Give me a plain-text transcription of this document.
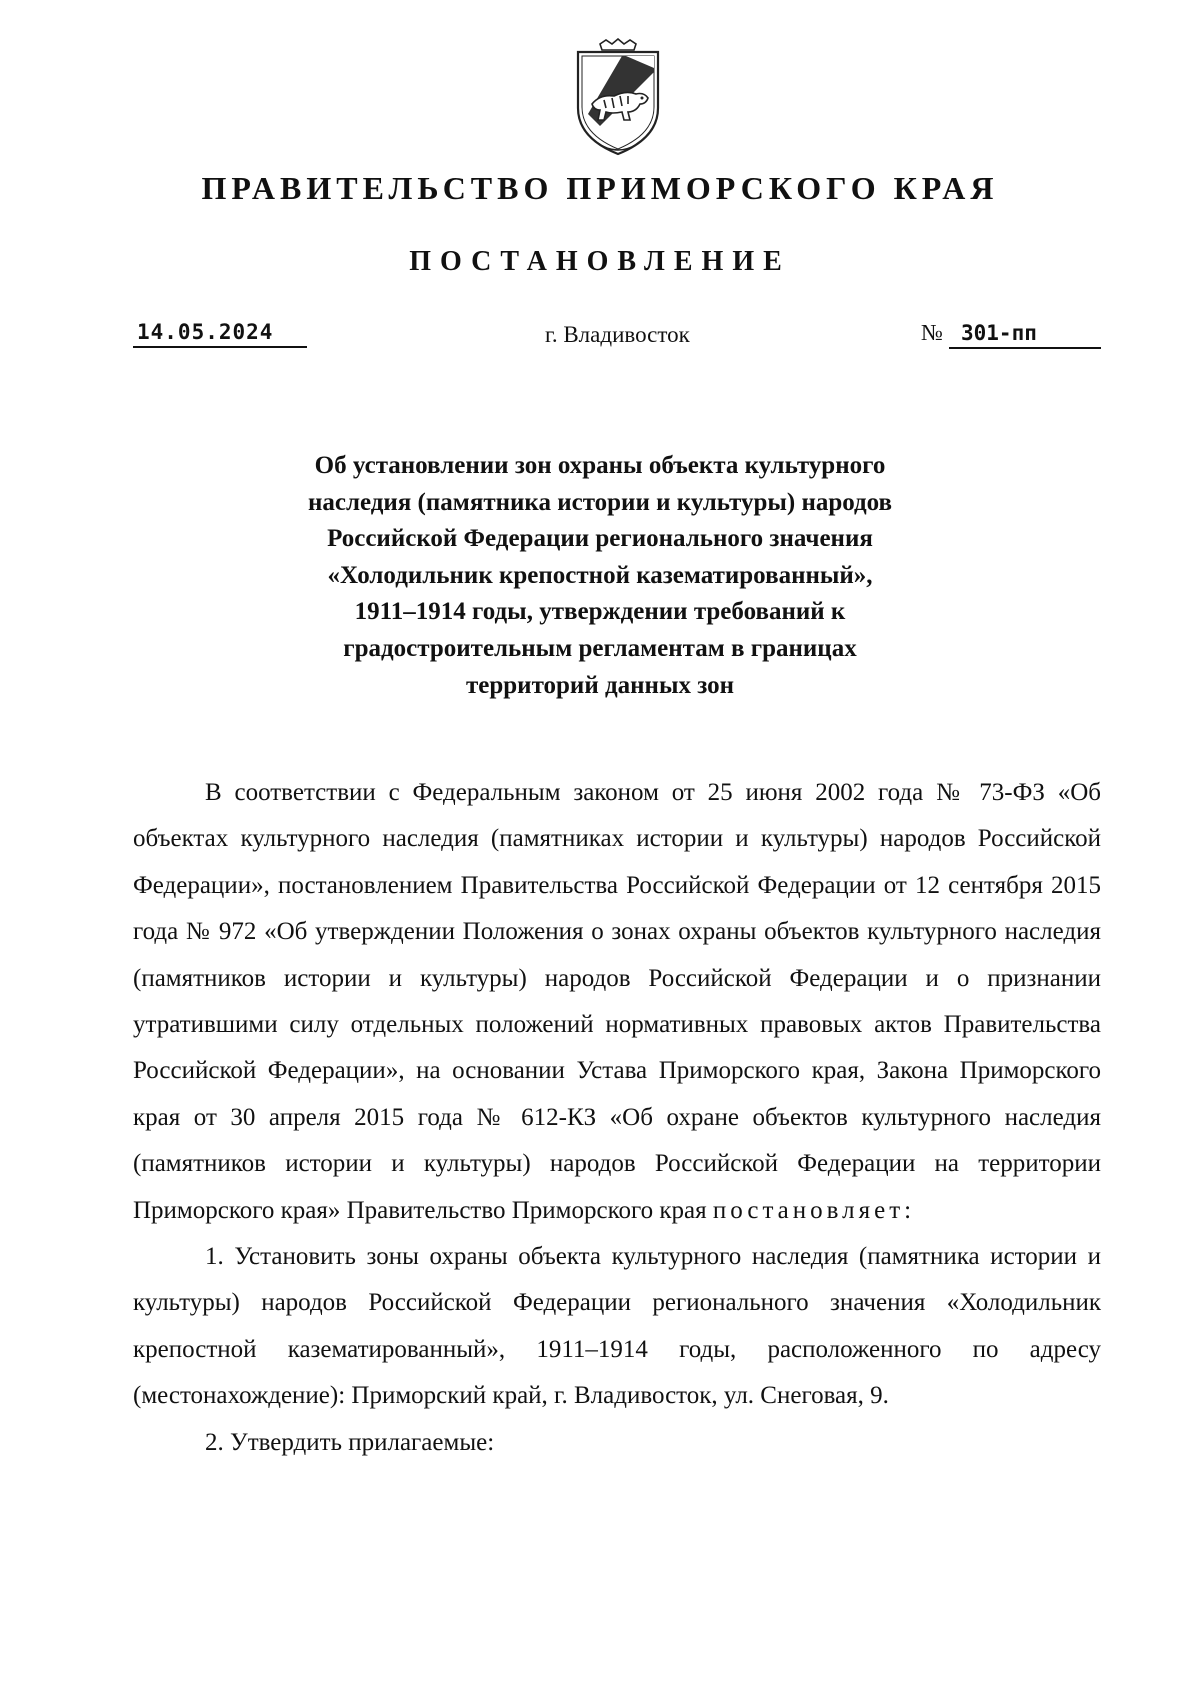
ПРАВИТЕЛЬСТВО ПРИМОРСКОГО КРАЯ
ПОСТАНОВЛЕНИЕ
14.05.2024	г. Владивосток	№ 301-пп
Об установлении зон охраны объекта культурного
наследия (памятника истории и культуры) народов
Российской Федерации регионального значения
«Холодильник крепостной казематированный»,
1911–1914 годы, утверждении требований к
градостроительным регламентам в границах
территорий данных зон

В соответствии с Федеральным законом от 25 июня 2002 года № 73-ФЗ «Об объектах культурного наследия (памятниках истории и культуры) народов Российской Федерации», постановлением Правительства Российской Федерации от 12 сентября 2015 года № 972 «Об утверждении Положения о зонах охраны объектов культурного наследия (памятников истории и культуры) народов Российской Федерации и о признании утратившими силу отдельных положений нормативных правовых актов Правительства Российской Федерации», на основании Устава Приморского края, Закона Приморского края от 30 апреля 2015 года № 612-КЗ «Об охране объектов культурного наследия (памятников истории и культуры) народов Российской Федерации на территории Приморского края» Правительство Приморского края постановляет:

1. Установить зоны охраны объекта культурного наследия (памятника истории и культуры) народов Российской Федерации регионального значения «Холодильник крепостной казематированный», 1911–1914 годы, расположенного по адресу (местонахождение): Приморский край, г. Владивосток, ул. Снеговая, 9.

2. Утвердить прилагаемые:
